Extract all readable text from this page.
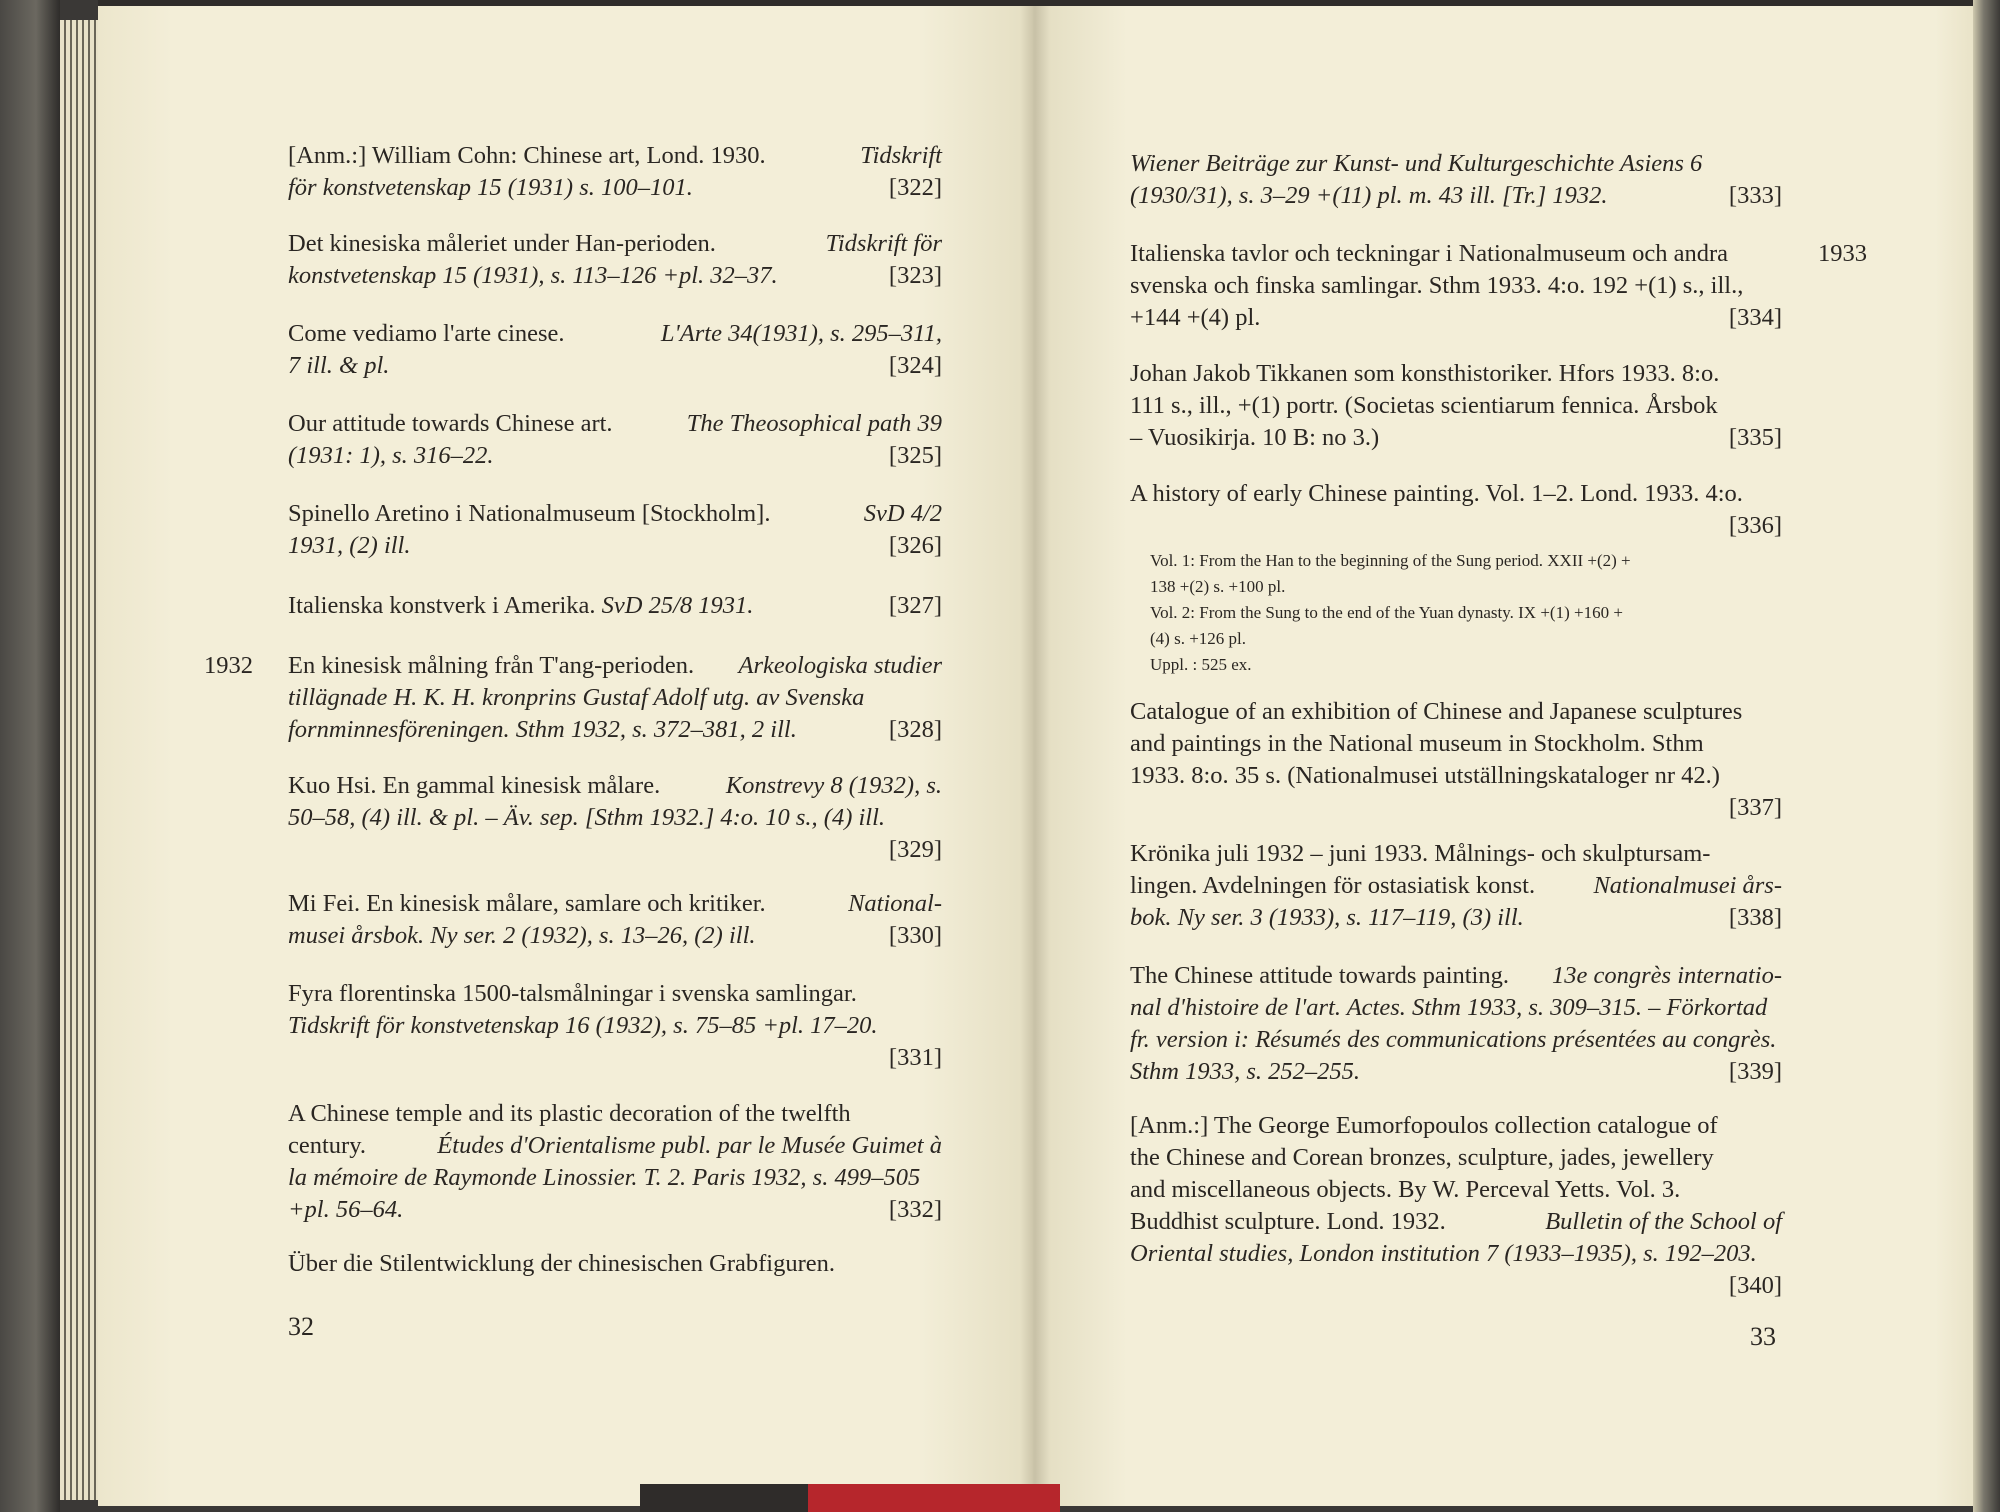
[Anm.:] William Cohn: Chinese art, Lond. 1930.	Tidskrift
för konstvetenskap 15 (1931) s. 100–101.	[322]
Det kinesiska måleriet under Han-perioden.	Tidskrift för
konstvetenskap 15 (1931), s. 113–126 +pl. 32–37.	[323]
Come vediamo l'arte cinese.	L'Arte 34(1931), s. 295–311,
7 ill. & pl.	[324]
Our attitude towards Chinese art.	The Theosophical path 39
(1931: 1), s. 316–22.	[325]
Spinello Aretino i Nationalmuseum [Stockholm].	SvD 4/2
1931, (2) ill.	[326]
Italienska konstverk i Amerika. SvD 25/8 1931.	[327]
1932 En kinesisk målning från T'ang-perioden. Arkeologiska studier
tillägnade H. K. H. kronprins Gustaf Adolf utg. av Svenska
fornminnesföreningen. Sthm 1932, s. 372–381, 2 ill.	[328]
Kuo Hsi. En gammal kinesisk målare.	Konstrevy 8 (1932), s.
50–58, (4) ill. & pl. – Äv. sep. [Sthm 1932.] 4:o. 10 s., (4) ill.
[329]
Mi Fei. En kinesisk målare, samlare och kritiker.	National-
musei årsbok. Ny ser. 2 (1932), s. 13–26, (2) ill.	[330]
Fyra florentinska 1500-talsmålningar i svenska samlingar.
Tidskrift för konstvetenskap 16 (1932), s. 75–85 +pl. 17–20.
[331]
A Chinese temple and its plastic decoration of the twelfth
century.	Études d'Orientalisme publ. par le Musée Guimet à
la mémoire de Raymonde Linossier. T. 2. Paris 1932, s. 499–505
+pl. 56–64.	[332]
Über die Stilentwicklung der chinesischen Grabfiguren.
32
Wiener Beiträge zur Kunst- und Kulturgeschichte Asiens 6
(1930/31), s. 3–29 +(11) pl. m. 43 ill. [Tr.] 1932.	[333]
1933
Italienska tavlor och teckningar i Nationalmuseum och andra
svenska och finska samlingar. Sthm 1933. 4:o. 192 +(1) s., ill.,
+144 +(4) pl.	[334]
Johan Jakob Tikkanen som konsthistoriker. Hfors 1933. 8:o.
111 s., ill., +(1) portr. (Societas scientiarum fennica. Årsbok
– Vuosikirja. 10 B: no 3.)	[335]
A history of early Chinese painting. Vol. 1–2. Lond. 1933. 4:o.
[336]
Vol. 1: From the Han to the beginning of the Sung period. XXII +(2) +
138 +(2) s. +100 pl.
Vol. 2: From the Sung to the end of the Yuan dynasty. IX +(1) +160 +
(4) s. +126 pl.
Uppl. : 525 ex.
Catalogue of an exhibition of Chinese and Japanese sculptures
and paintings in the National museum in Stockholm. Sthm
1933. 8:o. 35 s. (Nationalmusei utställningskataloger nr 42.)
[337]
Krönika juli 1932 – juni 1933. Målnings- och skulptursam-
lingen. Avdelningen för ostasiatisk konst. Nationalmusei års-
bok. Ny ser. 3 (1933), s. 117–119, (3) ill.	[338]
The Chinese attitude towards painting. 13e congrès internatio-
nal d'histoire de l'art. Actes. Sthm 1933, s. 309–315. – Förkortad
fr. version i: Résumés des communications présentées au congrès.
Sthm 1933, s. 252–255.	[339]
[Anm.:] The George Eumorfopoulos collection catalogue of
the Chinese and Corean bronzes, sculpture, jades, jewellery
and miscellaneous objects. By W. Perceval Yetts. Vol. 3.
Buddhist sculpture. Lond. 1932.	Bulletin of the School of
Oriental studies, London institution 7 (1933–1935), s. 192–203.
[340]
33
